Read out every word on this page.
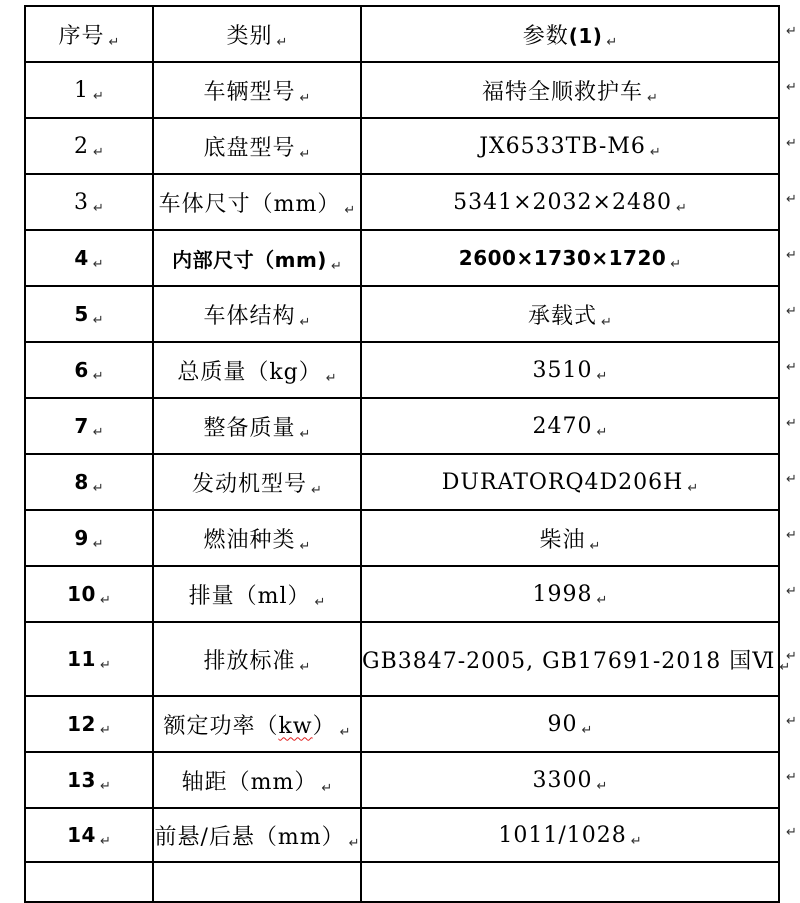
序号 ↵	类别 ↵	参数(1) ↵
1 ↵	车辆型号 ↵	福特全顺救护车 ↵
2 ↵	底盘型号 ↵	JX6533TB-M6 ↵
3 ↵	车体尺寸（mm） ↵	5341×2032×2480 ↵
4 ↵	内部尺寸（mm) ↵	2600×1730×1720 ↵
5 ↵	车体结构 ↵	承载式 ↵
6 ↵	总质量（kg） ↵	3510 ↵
7 ↵	整备质量 ↵	2470 ↵
8 ↵	发动机型号 ↵	DURATORQ4D206H ↵
9 ↵	燃油种类 ↵	柴油 ↵
10 ↵	排量（ml） ↵	1998 ↵
11 ↵	排放标准 ↵	GB3847-2005, GB17691-2018 国Ⅵ ↵
12 ↵	额定功率（kw） ↵	90 ↵
13 ↵	轴距（mm） ↵	3300 ↵
14 ↵	前悬/后悬（mm） ↵	1011/1028 ↵

↵
↵
↵
↵
↵
↵
↵
↵
↵
↵
↵
↵
↵
↵
↵
